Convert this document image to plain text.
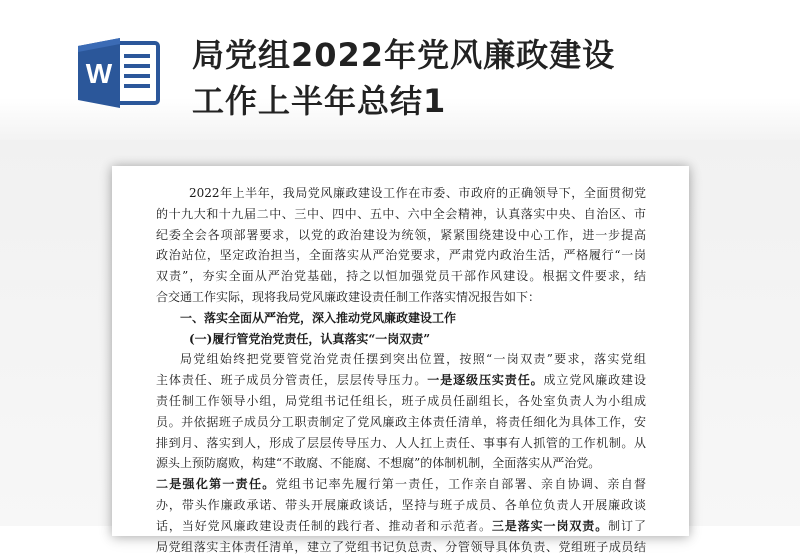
W 局党组2022年党风廉政建设
工作上半年总结1
2022年上半年，我局党风廉政建设工作在市委、市政府的正确领导下，全面贯彻党
的十九大和十九届二中、三中、四中、五中、六中全会精神，认真落实中央、自治区、市
纪委全会各项部署要求，以党的政治建设为统领，紧紧围绕建设中心工作，进一步提高
政治站位，坚定政治担当，全面落实从严治党要求，严肃党内政治生活，严格履行“一岗
双责”，夯实全面从严治党基础，持之以恒加强党员干部作风建设。根据文件要求，结
合交通工作实际，现将我局党风廉政建设责任制工作落实情况报告如下：
一、落实全面从严治党，深入推动党风廉政建设工作
(一)履行管党治党责任，认真落实“一岗双责”
局党组始终把党要管党治党责任摆到突出位置，按照“一岗双责”要求，落实党组
主体责任、班子成员分管责任，层层传导压力。一是逐级压实责任。成立党风廉政建设
责任制工作领导小组，局党组书记任组长，班子成员任副组长，各处室负责人为小组成
员。并依据班子成员分工职责制定了党风廉政主体责任清单，将责任细化为具体工作，安
排到月、落实到人，形成了层层传导压力、人人扛上责任、事事有人抓管的工作机制。从
源头上预防腐败，构建“不敢腐、不能腐、不想腐”的体制机制，全面落实从严治党。
二是强化第一责任。党组书记率先履行第一责任，工作亲自部署、亲自协调、亲自督
办，带头作廉政承诺、带头开展廉政谈话，坚持与班子成员、各单位负责人开展廉政谈
话，当好党风廉政建设责任制的践行者、推动者和示范者。三是落实一岗双责。制订了
局党组落实主体责任清单，建立了党组书记负总责、分管领导具体负责、党组班子成员结
